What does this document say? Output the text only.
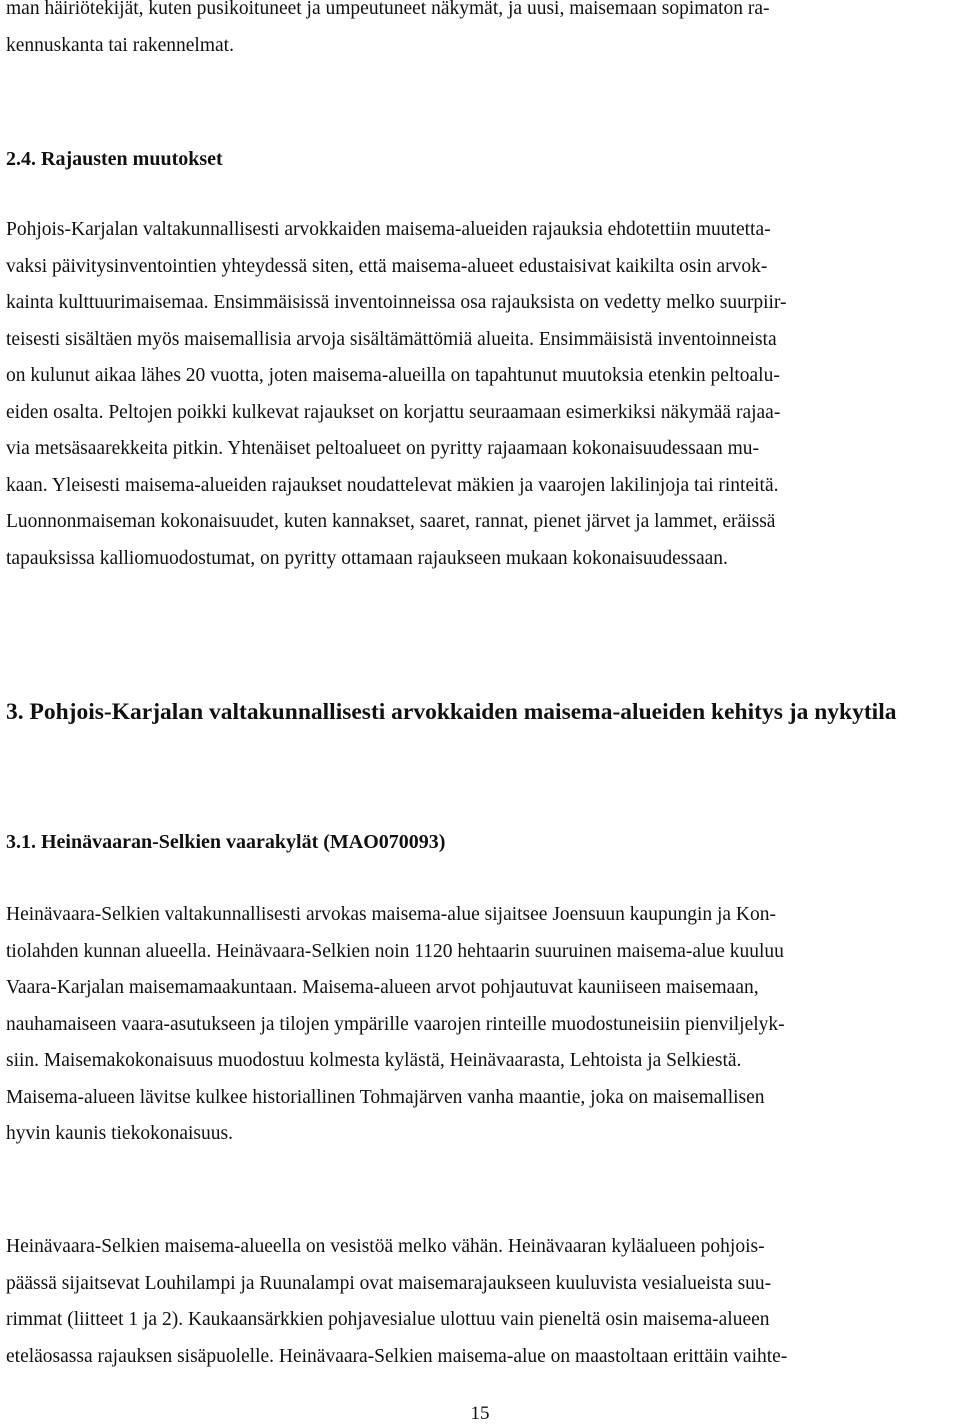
man häiriötekijät, kuten pusikoituneet ja umpeutuneet näkymät, ja uusi, maisemaan sopimaton ra-
kennuskanta tai rakennelmat.

2.4. Rajausten muutokset

Pohjois-Karjalan valtakunnallisesti arvokkaiden maisema-alueiden rajauksia ehdotettiin muutetta-
vaksi päivitysinventointien yhteydessä siten, että maisema-alueet edustaisivat kaikilta osin arvok-
kainta kulttuurimaisemaa. Ensimmäisissä inventoinneissa osa rajauksista on vedetty melko suurpiir-
teisesti sisältäen myös maisemallisia arvoja sisältämättömiä alueita. Ensimmäisistä inventoinneista
on kulunut aikaa lähes 20 vuotta, joten maisema-alueilla on tapahtunut muutoksia etenkin peltoalu-
eiden osalta. Peltojen poikki kulkevat rajaukset on korjattu seuraamaan esimerkiksi näkymää rajaa-
via metsäsaarekkeita pitkin. Yhtenäiset peltoalueet on pyritty rajaamaan kokonaisuudessaan mu-
kaan. Yleisesti maisema-alueiden rajaukset noudattelevat mäkien ja vaarojen lakilinjoja tai rinteitä.
Luonnonmaiseman kokonaisuudet, kuten kannakset, saaret, rannat, pienet järvet ja lammet, eräissä
tapauksissa kalliomuodostumat, on pyritty ottamaan rajaukseen mukaan kokonaisuudessaan.

3. Pohjois-Karjalan valtakunnallisesti arvokkaiden maisema-alueiden kehitys ja nykytila
3.1. Heinävaaran-Selkien vaarakylät (MAO070093)

Heinävaara-Selkien valtakunnallisesti arvokas maisema-alue sijaitsee Joensuun kaupungin ja Kon-
tiolahden kunnan alueella. Heinävaara-Selkien noin 1120 hehtaarin suuruinen maisema-alue kuuluu
Vaara-Karjalan maisemamaakuntaan. Maisema-alueen arvot pohjautuvat kauniiseen maisemaan,
nauhamaiseen vaara-asutukseen ja tilojen ympärille vaarojen rinteille muodostuneisiin pienviljelyk-
siin. Maisemakokonaisuus muodostuu kolmesta kylästä, Heinävaarasta, Lehtoista ja Selkiestä.
Maisema-alueen lävitse kulkee historiallinen Tohmajärven vanha maantie, joka on maisemallisen
hyvin kaunis tiekokonaisuus.

Heinävaara-Selkien maisema-alueella on vesistöä melko vähän. Heinävaaran kyläalueen pohjois-
päässä sijaitsevat Louhilampi ja Ruunalampi ovat maisemarajaukseen kuuluvista vesialueista suu-
rimmat (liitteet 1 ja 2). Kaukaansärkkien pohjavesialue ulottuu vain pieneltä osin maisema-alueen
eteläosassa rajauksen sisäpuolelle. Heinävaara-Selkien maisema-alue on maastoltaan erittäin vaihte-

15
